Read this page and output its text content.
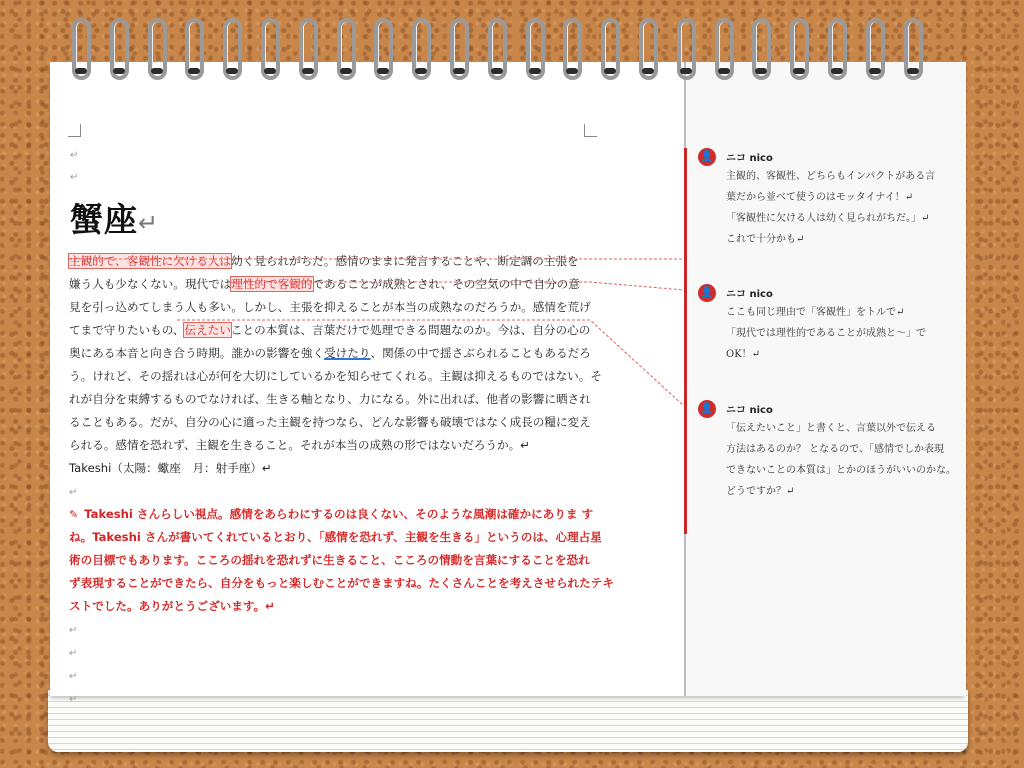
↵
↵
蟹座↵
主観的で、客観性に欠ける人は幼く見られがちだ。感情のままに発言することや、断定調の主張を
嫌う人も少なくない。現代では理性的で客観的であることが成熟とされ、その空気の中で自分の意
見を引っ込めてしまう人も多い。しかし、主張を抑えることが本当の成熟なのだろうか。感情を荒げ
てまで守りたいもの、伝えたいことの本質は、言葉だけで処理できる問題なのか。今は、自分の心の
奥にある本音と向き合う時期。誰かの影響を強く受けたり、関係の中で揺さぶられることもあるだろ
う。けれど、その揺れは心が何を大切にしているかを知らせてくれる。主観は抑えるものではない。そ
れが自分を束縛するものでなければ、生きる軸となり、力になる。外に出れば、他者の影響に晒され
ることもある。だが、自分の心に適った主観を持つなら、どんな影響も破壊ではなく成長の糧に変え
られる。感情を恐れず、主観を生きること。それが本当の成熟の形ではないだろうか。↵
Takeshi（太陽：蠍座　月：射手座）↵
↵
✎ Takeshi さんらしい視点。感情をあらわにするのは良くない、そのような風潮は確かにありま す
ね。Takeshi さんが書いてくれているとおり、「感情を恐れず、主観を生きる」というのは、心理占星
術の目標でもあります。こころの揺れを恐れずに生きること、こころの情動を言葉にすることを恐れ
ず表現することができたら、自分をもっと楽しむことができますね。たくさんことを考えさせられたテキ
ストでした。ありがとうございます。↵
↵
↵
↵
↵
👤 ニコ nico
主観的、客観性、どちらもインパクトがある言
葉だから並べて使うのはモッタイナイ！↵
「客観性に欠ける人は幼く見られがちだ。」↵
これで十分かも↵
👤 ニコ nico
ここも同じ理由で「客観性」をトルで↵
「現代では理性的であることが成熟と～」で
OK！↵
👤 ニコ nico
「伝えたいこと」と書くと、言葉以外で伝える
方法はあるのか？ となるので、「感情でしか表現
できないことの本質は」とかのほうがいいのかな。
どうですか？↵
